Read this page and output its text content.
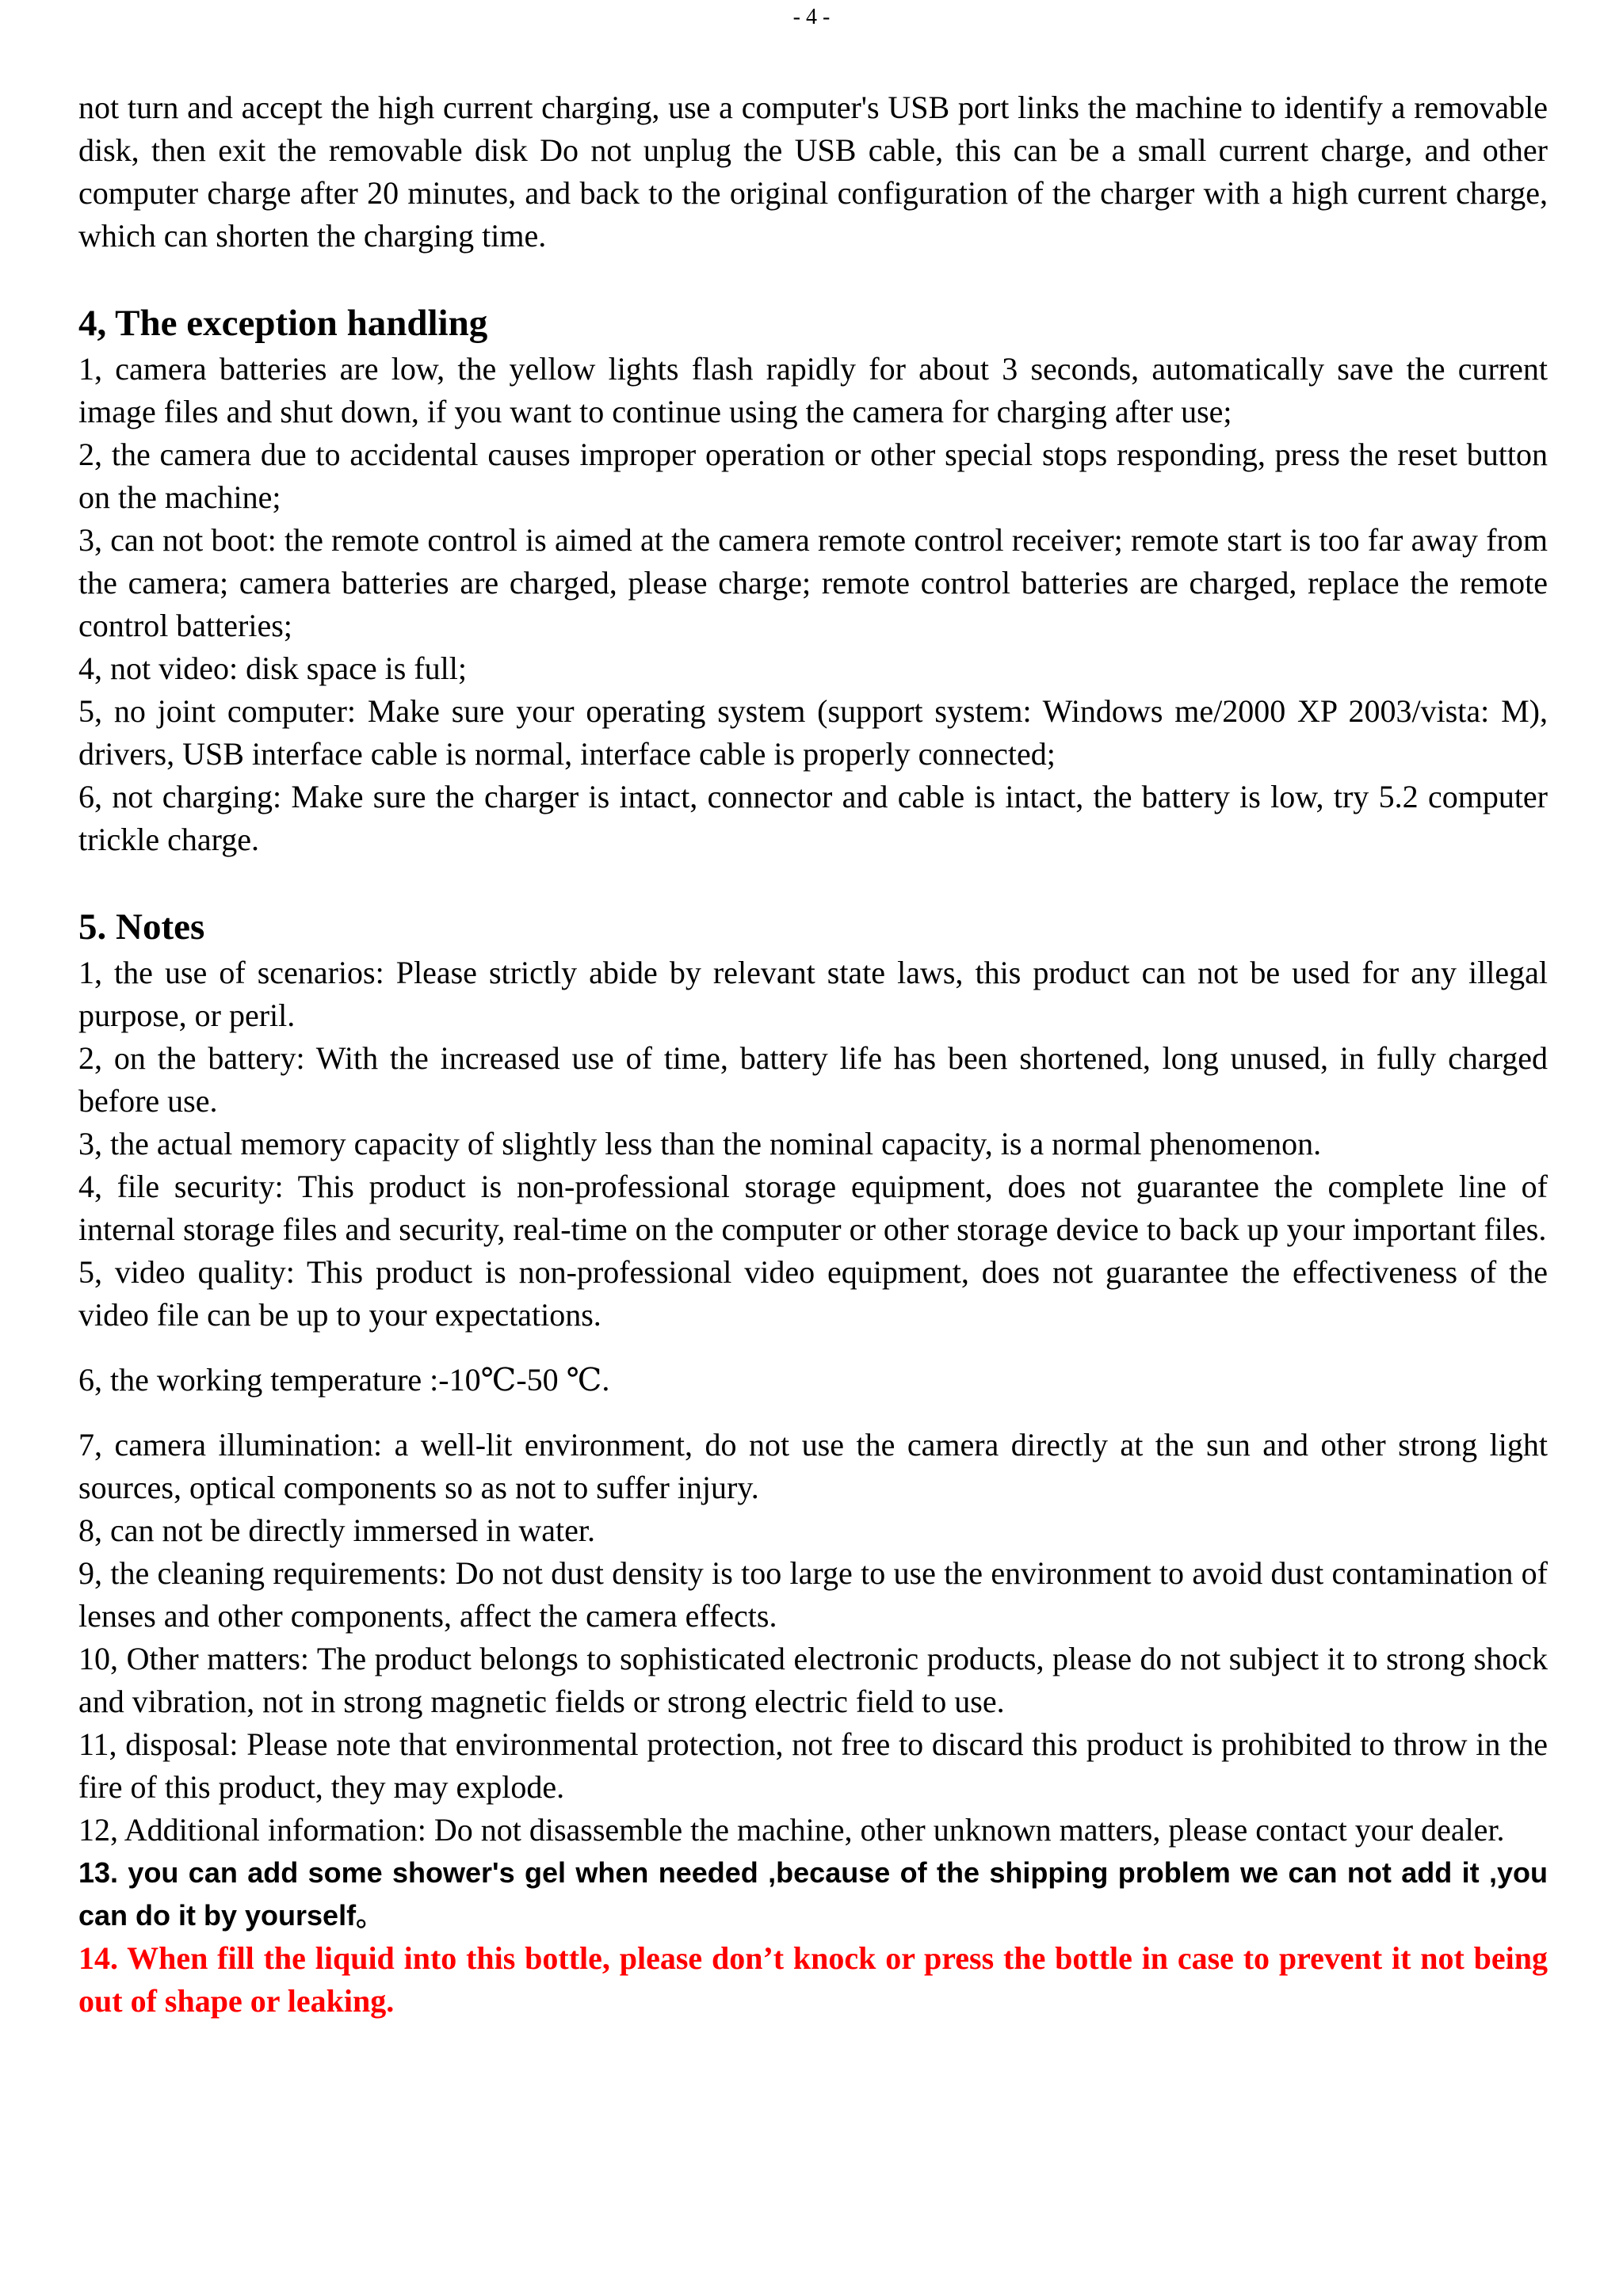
- 4 -

not turn and accept the high current charging, use a computer's USB port links the machine to identify a removable disk, then exit the removable disk Do not unplug the USB cable, this can be a small current charge, and other computer charge after 20 minutes, and back to the original configuration of the charger with a high current charge, which can shorten the charging time.

4, The exception handling

1, camera batteries are low, the yellow lights flash rapidly for about 3 seconds, automatically save the current image files and shut down, if you want to continue using the camera for charging after use;

2, the camera due to accidental causes improper operation or other special stops responding, press the reset button on the machine;

3, can not boot: the remote control is aimed at the camera remote control receiver; remote start is too far away from the camera; camera batteries are charged, please charge; remote control batteries are charged, replace the remote control batteries;

4, not video: disk space is full;

5, no joint computer: Make sure your operating system (support system: Windows me/2000 XP 2003/vista: M), drivers, USB interface cable is normal, interface cable is properly connected;

6, not charging: Make sure the charger is intact, connector and cable is intact, the battery is low, try 5.2 computer trickle charge.

5. Notes

1, the use of scenarios: Please strictly abide by relevant state laws, this product can not be used for any illegal purpose, or peril.

2, on the battery: With the increased use of time, battery life has been shortened, long unused, in fully charged before use.

3, the actual memory capacity of slightly less than the nominal capacity, is a normal phenomenon.

4, file security: This product is non-professional storage equipment, does not guarantee the complete line of internal storage files and security, real-time on the computer or other storage device to back up your important files.

5, video quality: This product is non-professional video equipment, does not guarantee the effectiveness of the video file can be up to your expectations.

6, the working temperature :-10℃-50 ℃.

7, camera illumination: a well-lit environment, do not use the camera directly at the sun and other strong light sources, optical components so as not to suffer injury.

8, can not be directly immersed in water.

9, the cleaning requirements: Do not dust density is too large to use the environment to avoid dust contamination of lenses and other components, affect the camera effects.

10, Other matters: The product belongs to sophisticated electronic products, please do not subject it to strong shock and vibration, not in strong magnetic fields or strong electric field to use.

11, disposal: Please note that environmental protection, not free to discard this product is prohibited to throw in the fire of this product, they may explode.

12, Additional information: Do not disassemble the machine, other unknown matters, please contact your dealer.

13. you can add some shower's gel when needed ,because of the shipping problem we can not add it ,you can do it by yourself。

14. When fill the liquid into this bottle, please don’t knock or press the bottle in case to prevent it not being out of shape or leaking.
